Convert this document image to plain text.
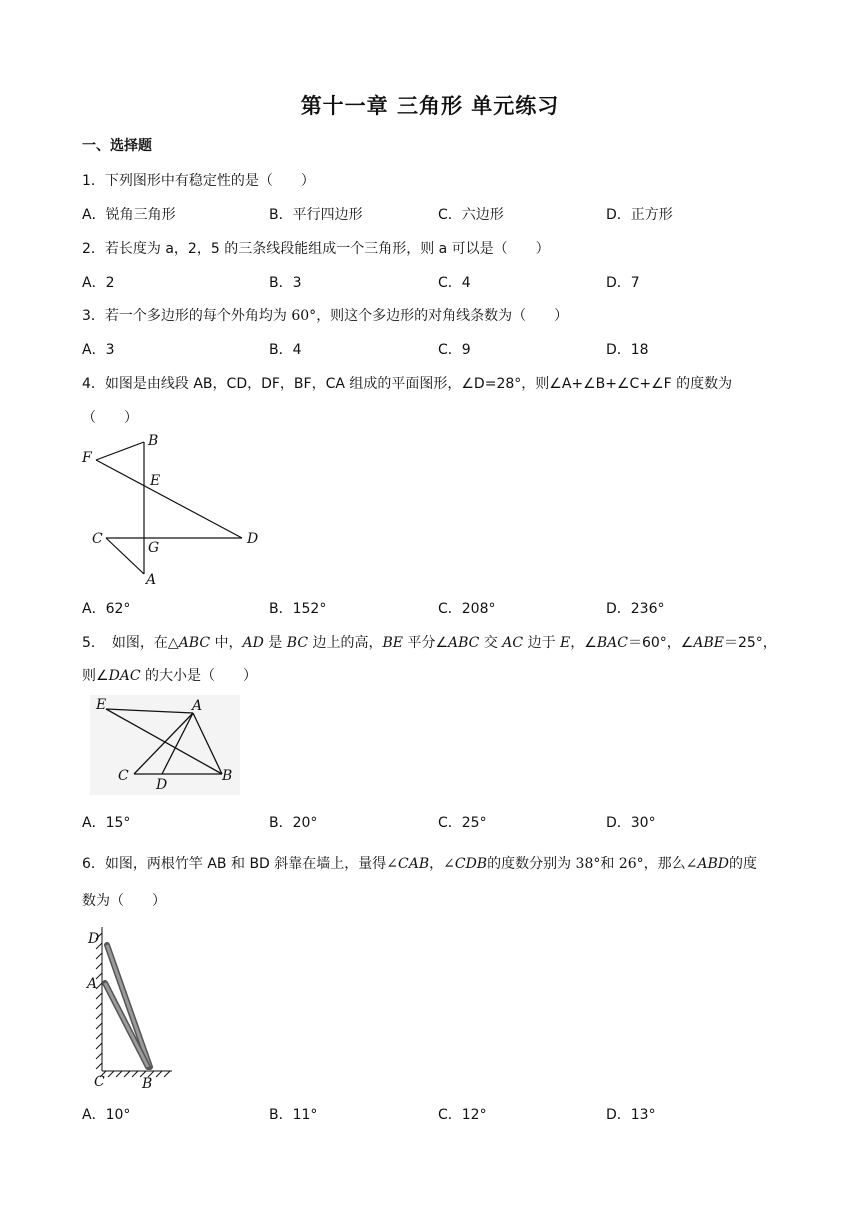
第十一章 三角形 单元练习
一、选择题
1．下列图形中有稳定性的是（　　）
A．锐角三角形	B．平行四边形	C．六边形	D．正方形
2．若长度为 a，2，5 的三条线段能组成一个三角形，则 a 可以是（　　）
A．2	B．3	C．4	D．7
3．若一个多边形的每个外角均为 60°，则这个多边形的对角线条数为（　　）
A．3	B．4	C．9	D．18
4．如图是由线段 AB，CD，DF，BF，CA 组成的平面图形，∠D=28°，则∠A+∠B+∠C+∠F 的度数为
（　　）
F
B
E
C
G
D
A
A．62°	B．152°	C．208°	D．236°
5．　如图，在△ABC 中，AD 是 BC 边上的高，BE 平分∠ABC 交 AC 边于 E，∠BAC＝60°，∠ABE＝25°，
则∠DAC 的大小是（　　）
E	A
C
D
B
A．15°	B．20°	C．25°	D．30°
6．如图，两根竹竿 AB 和 BD 斜靠在墙上，量得∠CAB，∠CDB的度数分别为 38°和 26°，那么∠ABD的度
数为（　　）
D
A
C	B
A．10°	B．11°	C．12°	D．13°
